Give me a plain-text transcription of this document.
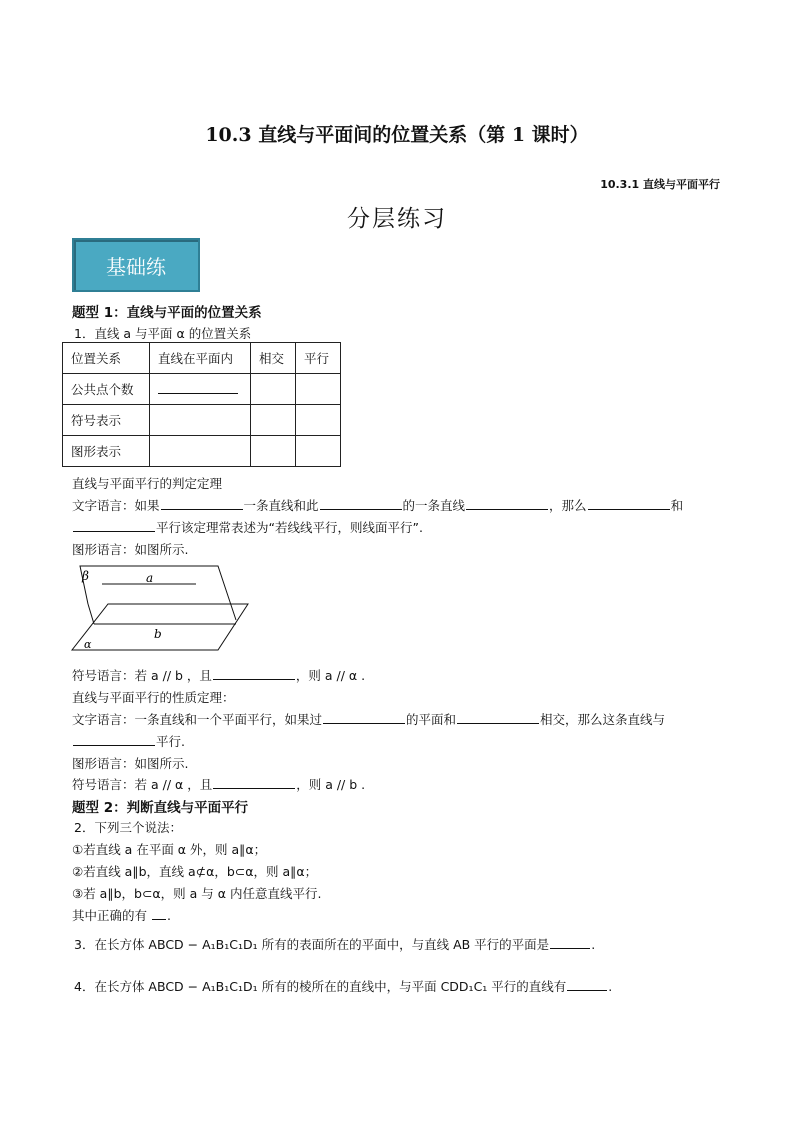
10.3 直线与平面间的位置关系（第 1 课时）
10.3.1 直线与平面平行
分层练习
基础练
题型 1：直线与平面的位置关系
1．直线 a 与平面 α 的位置关系
位置关系	直线在平面内	相交	平行
公共点个数			
符号表示			
图形表示			
直线与平面平行的判定定理
文字语言：如果	一条直线和此	的一条直线	，那么	和
平行该定理常表述为“若线线平行，则线面平行”.
图形语言：如图所示.
β	a
b
α
符号语言：若 a // b ，且	，则 a // α .
直线与平面平行的性质定理：
文字语言：一条直线和一个平面平行，如果过	的平面和	相交，那么这条直线与
平行.
图形语言：如图所示.
符号语言：若 a // α ，且	，则 a // b .
题型 2：判断直线与平面平行
2．下列三个说法：
①若直线 a 在平面 α 外，则 a∥α；
②若直线 a∥b，直线 a⊄α，b⊂α，则 a∥α；
③若 a∥b，b⊂α，则 a 与 α 内任意直线平行.
其中正确的有 .
3．在长方体 ABCD − A₁B₁C₁D₁ 所有的表面所在的平面中，与直线 AB 平行的平面是	.
4．在长方体 ABCD − A₁B₁C₁D₁ 所有的棱所在的直线中，与平面 CDD₁C₁ 平行的直线有	.
